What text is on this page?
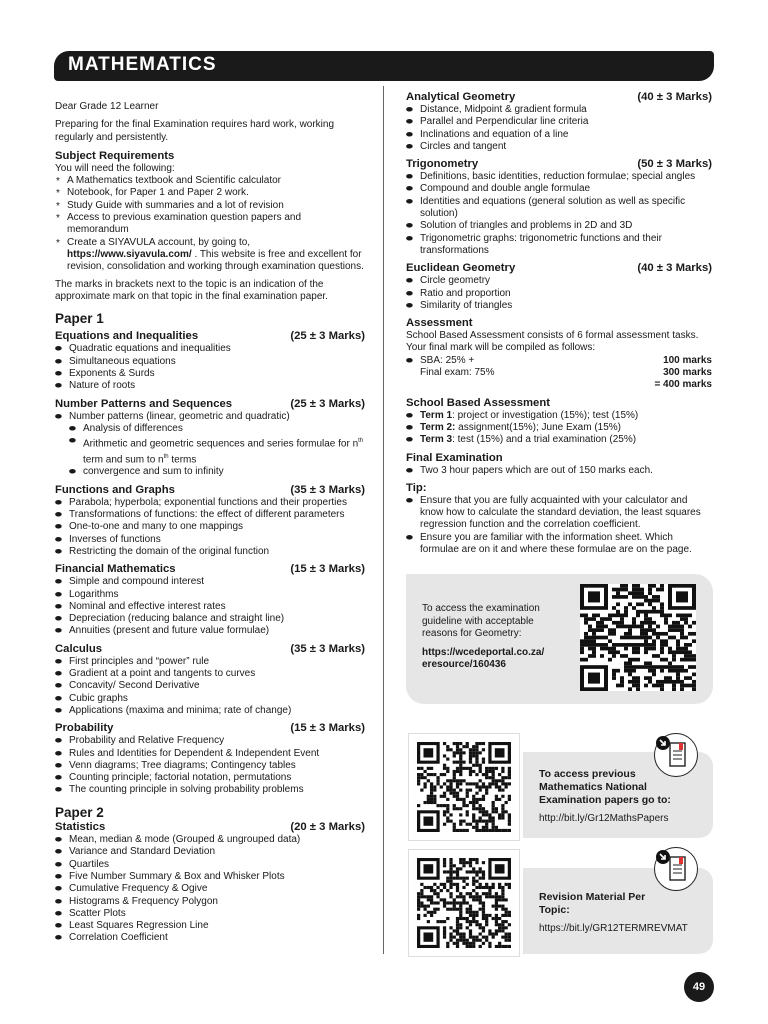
MATHEMATICS

Dear Grade 12 Learner

Preparing for the final Examination requires hard work, working regularly and persistently.

Subject Requirements
You will need the following:
* A Mathematics textbook and Scientific calculator
* Notebook, for Paper 1 and Paper 2 work.
* Study Guide with summaries and a lot of revision
* Access to previous examination question papers and memorandum
* Create a SIYAVULA account, by going to,
https://www.siyavula.com/ . This website is free and excellent for revision, consolidation and working through examination questions.

The marks in brackets next to the topic is an indication of the approximate mark on that topic in the final examination paper.

Paper 1
Equations and Inequalities	(25 ± 3 Marks)
⬬ Quadratic equations and inequalities
⬬ Simultaneous equations
⬬ Exponents & Surds
⬬ Nature of roots
Number Patterns and Sequences	(25 ± 3 Marks)
⬬ Number patterns (linear, geometric and quadratic)
⬬ Analysis of differences
⬬ Arithmetic and geometric sequences and series formulae for $n^{th}$ term and sum to $n^{th}$ terms
⬬ convergence and sum to infinity
Functions and Graphs	(35 ± 3 Marks)
⬬ Parabola; hyperbola; exponential functions and their properties
⬬ Transformations of functions: the effect of different parameters
⬬ One-to-one and many to one mappings
⬬ Inverses of functions
⬬ Restricting the domain of the original function
Financial Mathematics	(15 ± 3 Marks)
⬬ Simple and compound interest
⬬ Logarithms
⬬ Nominal and effective interest rates
⬬ Depreciation (reducing balance and straight line)
⬬ Annuities (present and future value formulae)
Calculus	(35 ± 3 Marks)
⬬ First principles and “power” rule
⬬ Gradient at a point and tangents to curves
⬬ Concavity/ Second Derivative
⬬ Cubic graphs
⬬ Applications (maxima and minima; rate of change)
Probability	(15 ± 3 Marks)
⬬ Probability and Relative Frequency
⬬ Rules and Identities for Dependent & Independent Event
⬬ Venn diagrams; Tree diagrams; Contingency tables
⬬ Counting principle; factorial notation, permutations
⬬ The counting principle in solving probability problems
Paper 2
Statistics	(20 ± 3 Marks)
⬬ Mean, median & mode (Grouped & ungrouped data)
⬬ Variance and Standard Deviation
⬬ Quartiles
⬬ Five Number Summary & Box and Whisker Plots
⬬ Cumulative Frequency & Ogive
⬬ Histograms & Frequency Polygon
⬬ Scatter Plots
⬬ Least Squares Regression Line
⬬ Correlation Coefficient
Analytical Geometry	(40 ± 3 Marks)
⬬ Distance, Midpoint & gradient formula
⬬ Parallel and Perpendicular line criteria
⬬ Inclinations and equation of a line
⬬ Circles and tangent
Trigonometry	(50 ± 3 Marks)
⬬ Definitions, basic identities, reduction formulae; special angles
⬬ Compound and double angle formulae
⬬ Identities and equations (general solution as well as specific solution)
⬬ Solution of triangles and problems in 2D and 3D
⬬ Trigonometric graphs: trigonometric functions and their transformations
Euclidean Geometry	(40 ± 3 Marks)
⬬ Circle geometry
⬬ Ratio and proportion
⬬ Similarity of triangles
Assessment
School Based Assessment consists of 6 formal assessment tasks. Your final mark will be compiled as follows:
⬬ SBA: 25% +	100 marks
Final exam: 75%	300 marks
= 400 marks
School Based Assessment
⬬ Term 1: project or investigation (15%); test (15%)
⬬ Term 2: assignment(15%); June Exam (15%)
⬬ Term 3: test (15%) and a trial examination (25%)
Final Examination
⬬ Two 3 hour papers which are out of 150 marks each.
Tip:
⬬ Ensure that you are fully acquainted with your calculator and know how to calculate the standard deviation, the least squares regression function and the correlation coefficient.
⬬ Ensure you are familiar with the information sheet. Which formulae are on it and where these formulae are on the page.
To access the examination guideline with acceptable reasons for Geometry:
https://wcedeportal.co.za/ eresource/160436
To access previous Mathematics National Examination papers go to:
http://bit.ly/Gr12MathsPapers
Revision Material Per Topic:
https://bit.ly/GR12TERMREVMAT
49
